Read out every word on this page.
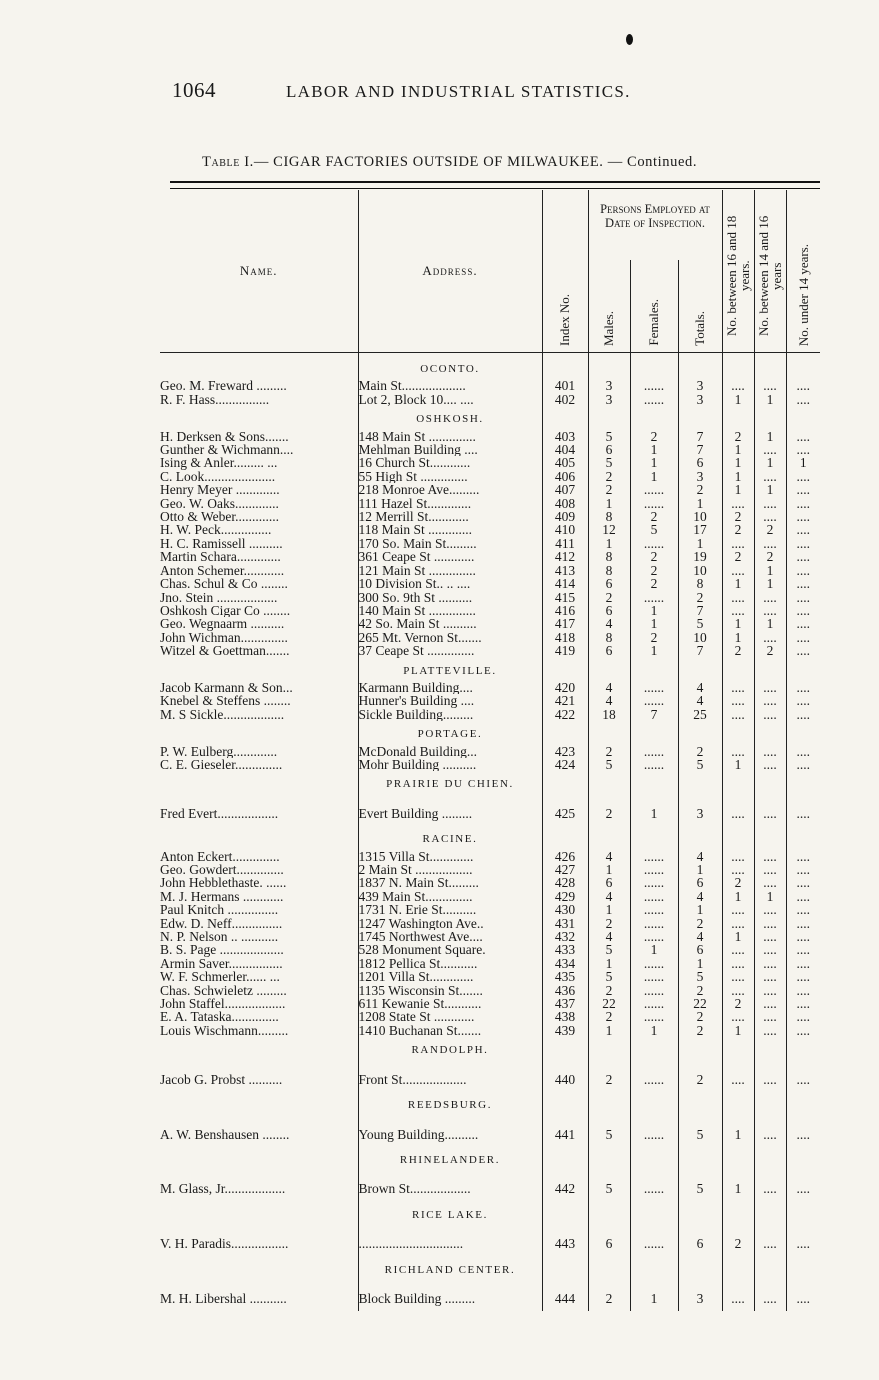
1064	LABOR AND INDUSTRIAL STATISTICS.
Table I.— CIGAR FACTORIES OUTSIDE OF MILWAUKEE. — Continued.
Name.	Address.	Index No.	Persons Employed at Date of Inspection.			No. between 16 and 18 years.	No. between 14 and 16 years	No. under 14 years.

			Males.	Females.	Totals.			

	OCONTO.							
Geo. M. Freward .........	Main St...................	401	3	......	3	....	....	....
R. F. Hass................	Lot 2, Block 10.... ....	402	3	......	3	1	1	....
	OSHKOSH.							
H. Derksen & Sons.......	148 Main St ..............	403	5	2	7	2	1	....
Gunther & Wichmann....	Mehlman Building ....	404	6	1	7	1	....	....
Ising & Anler......... ...	16 Church St............	405	5	1	6	1	1	1
C. Look.....................	55 High St ..............	406	2	1	3	1	....	....
Henry Meyer .............	218 Monroe Ave.........	407	2	......	2	1	1	....
Geo. W. Oaks.............	111 Hazel St.............	408	1	......	1	....	....	....
Otto & Weber.............	12 Merrill St............	409	8	2	10	2	....	....
H. W. Peck...............	118 Main St .............	410	12	5	17	2	2	....
H. C. Ramissell ..........	170 So. Main St.........	411	1	......	1	....	....	....
Martin Schara.............	361 Ceape St ............	412	8	2	19	2	2	....
Anton Schemer............	121 Main St ..............	413	8	2	10	....	1	....
Chas. Schul & Co ........	10 Division St.. .. ....	414	6	2	8	1	1	....
Jno. Stein ..................	300 So. 9th St ..........	415	2	......	2	....	....	....
Oshkosh Cigar Co ........	140 Main St ..............	416	6	1	7	....	....	....
Geo. Wegnaarm ..........	42 So. Main St ..........	417	4	1	5	1	1	....
John Wichman..............	265 Mt. Vernon St.......	418	8	2	10	1	....	....
Witzel & Goettman.......	37 Ceape St ..............	419	6	1	7	2	2	....
	PLATTEVILLE.							
Jacob Karmann & Son...	Karmann Building....	420	4	......	4	....	....	....
Knebel & Steffens ........	Hunner's Building ....	421	4	......	4	....	....	....
M. S Sickle..................	Sickle Building.........	422	18	7	25	....	....	....
	PORTAGE.							
P. W. Eulberg.............	McDonald Building...	423	2	......	2	....	....	....
C. E. Gieseler..............	Mohr Building ..........	424	5	......	5	1	....	....
	PRAIRIE DU CHIEN.							
Fred Evert..................	Evert Building .........	425	2	1	3	....	....	....
	RACINE.							
Anton Eckert..............	1315 Villa St.............	426	4	......	4	....	....	....
Geo. Gowdert..............	2 Main St .................	427	1	......	1	....	....	....
John Hebblethaste. ......	1837 N. Main St.........	428	6	......	6	2	....	....
M. J. Hermans ............	439 Main St..............	429	4	......	4	1	1	....
Paul Knitch ...............	1731 N. Erie St..........	430	1	......	1	....	....	....
Edw. D. Neff...............	1247 Washington Ave..	431	2	......	2	....	....	....
N. P. Nelson .. ...........	1745 Northwest Ave....	432	4	......	4	1	....	....
B. S. Page ...................	528 Monument Square.	433	5	1	6	....	....	....
Armin Saver................	1812 Pellica St...........	434	1	......	1	....	....	....
W. F. Schmerler...... ...	1201 Villa St.............	435	5	......	5	....	....	....
Chas. Schwieletz .........	1135 Wisconsin St.......	436	2	......	2	....	....	....
John Staffel..................	611 Kewanie St...........	437	22	......	22	2	....	....
E. A. Tataska..............	1208 State St ............	438	2	......	2	....	....	....
Louis Wischmann.........	1410 Buchanan St.......	439	1	1	2	1	....	....
	RANDOLPH.							
Jacob G. Probst ..........	Front St...................	440	2	......	2	....	....	....
	REEDSBURG.							
A. W. Benshausen ........	Young Building..........	441	5	......	5	1	....	....
	RHINELANDER.							
M. Glass, Jr..................	Brown St..................	442	5	......	5	1	....	....
	RICE LAKE.							
V. H. Paradis.................	...............................	443	6	......	6	2	....	....
	RICHLAND CENTER.							
M. H. Libershal ...........	Block Building .........	444	2	1	3	....	....	....
